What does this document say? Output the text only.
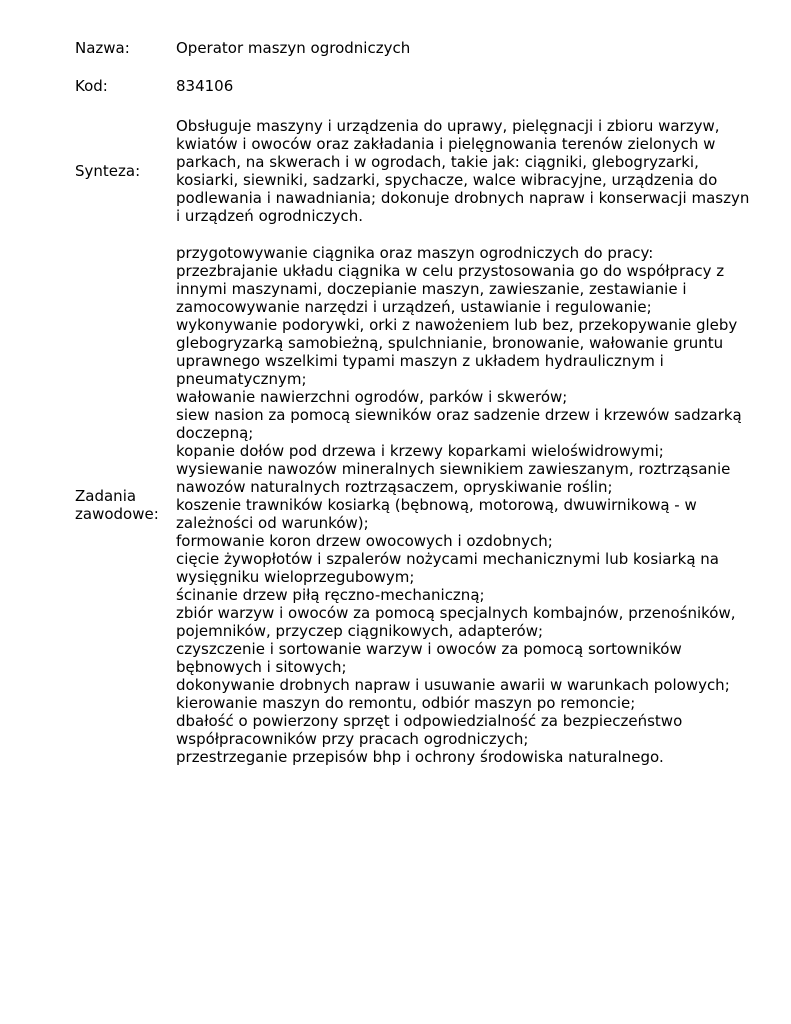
Nazwa:	Operator maszyn ogrodniczych
Kod:	834106
Synteza:
Obsługuje maszyny i urządzenia do uprawy, pielęgnacji i zbioru warzyw, kwiatów i owoców oraz zakładania i pielęgnowania terenów zielonych w parkach, na skwerach i w ogrodach, takie jak: ciągniki, glebogryzarki, kosiarki, siewniki, sadzarki, spychacze, walce wibracyjne, urządzenia do podlewania i nawadniania; dokonuje drobnych napraw i konserwacji maszyn i urządzeń ogrodniczych.
Zadania zawodowe:
przygotowywanie ciągnika oraz maszyn ogrodniczych do pracy:
przezbrajanie układu ciągnika w celu przystosowania go do współpracy z innymi maszynami, doczepianie maszyn, zawieszanie, zestawianie i zamocowywanie narzędzi i urządzeń, ustawianie i regulowanie;
wykonywanie podorywki, orki z nawożeniem lub bez, przekopywanie gleby glebogryzarką samobieżną, spulchnianie, bronowanie, wałowanie gruntu uprawnego wszelkimi typami maszyn z układem hydraulicznym i pneumatycznym;
wałowanie nawierzchni ogrodów, parków i skwerów;
siew nasion za pomocą siewników oraz sadzenie drzew i krzewów sadzarką doczepną;
kopanie dołów pod drzewa i krzewy koparkami wieloświdrowymi;
wysiewanie nawozów mineralnych siewnikiem zawieszanym, roztrząsanie nawozów naturalnych roztrząsaczem, opryskiwanie roślin;
koszenie trawników kosiarką (bębnową, motorową, dwuwirnikową - w zależności od warunków);
formowanie koron drzew owocowych i ozdobnych;
cięcie żywopłotów i szpalerów nożycami mechanicznymi lub kosiarką na wysięgniku wieloprzegubowym;
ścinanie drzew piłą ręczno-mechaniczną;
zbiór warzyw i owoców za pomocą specjalnych kombajnów, przenośników, pojemników, przyczep ciągnikowych, adapterów;
czyszczenie i sortowanie warzyw i owoców za pomocą sortowników bębnowych i sitowych;
dokonywanie drobnych napraw i usuwanie awarii w warunkach polowych;
kierowanie maszyn do remontu, odbiór maszyn po remoncie;
dbałość o powierzony sprzęt i odpowiedzialność za bezpieczeństwo współpracowników przy pracach ogrodniczych;
przestrzeganie przepisów bhp i ochrony środowiska naturalnego.
